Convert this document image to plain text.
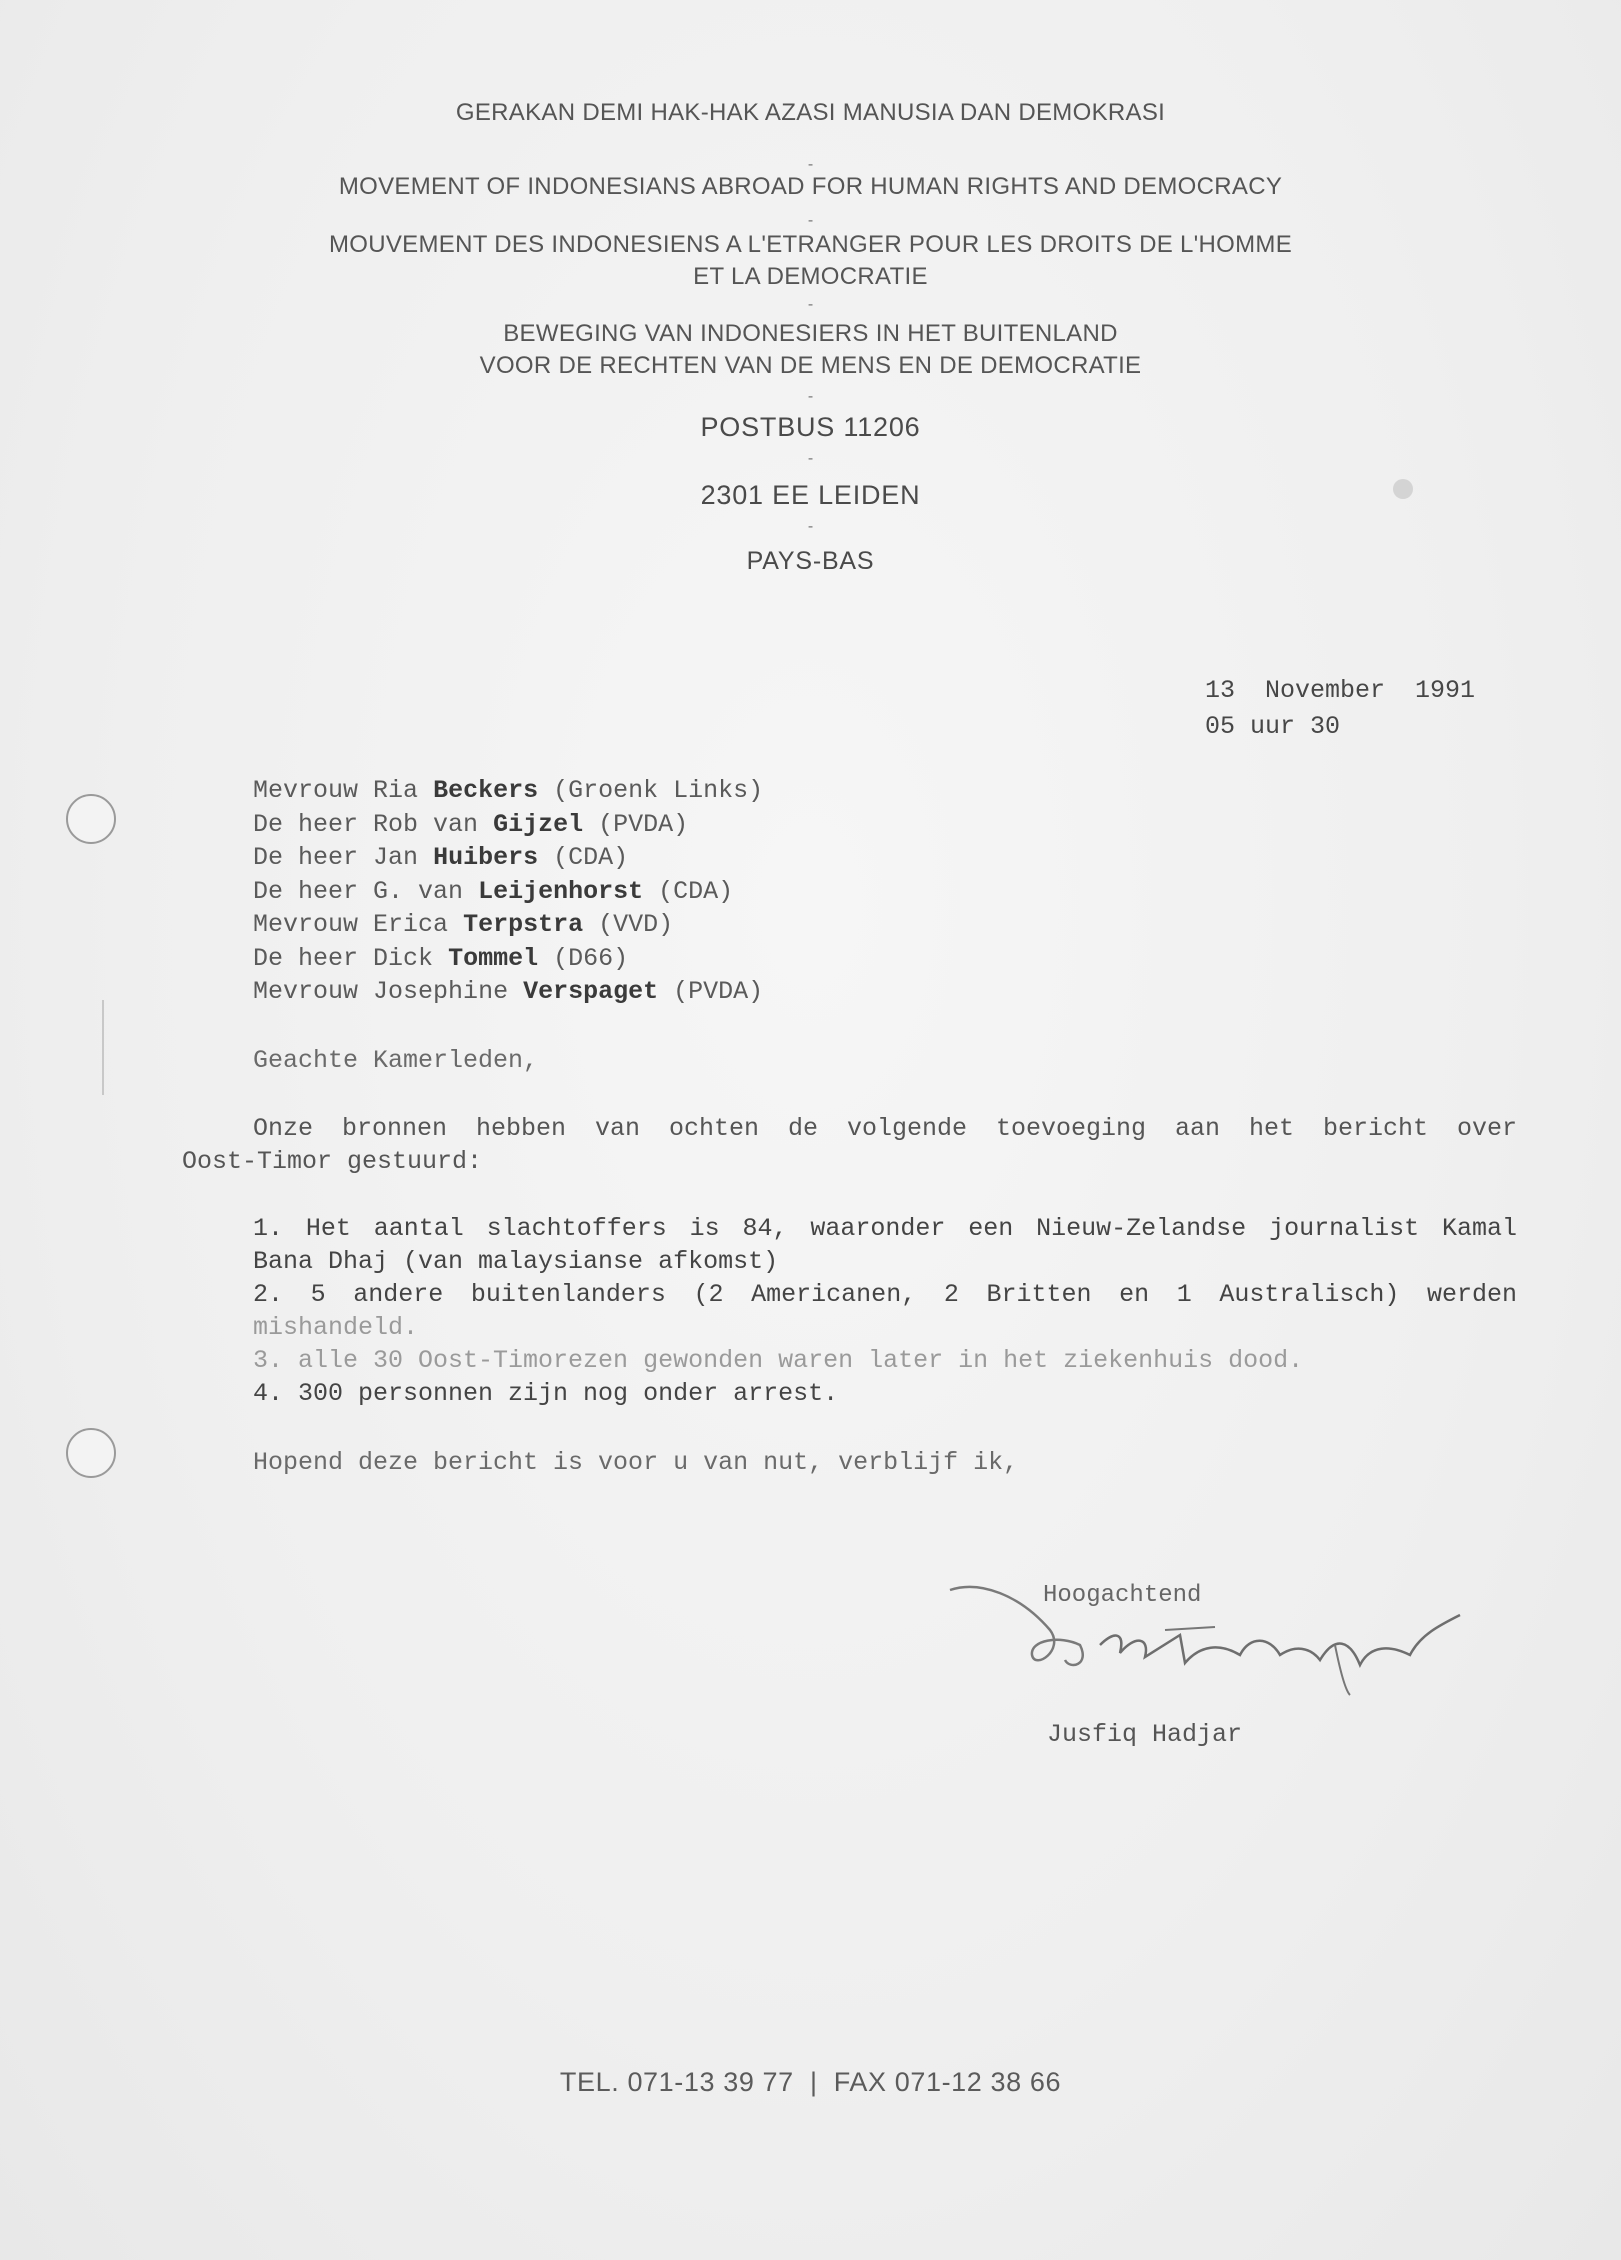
GERAKAN DEMI HAK-HAK AZASI MANUSIA DAN DEMOKRASI

-

MOVEMENT OF INDONESIANS ABROAD FOR HUMAN RIGHTS AND DEMOCRACY

-

MOUVEMENT DES INDONESIENS A L'ETRANGER POUR LES DROITS DE L'HOMME

ET LA DEMOCRATIE

-

BEWEGING VAN INDONESIERS IN HET BUITENLAND

VOOR DE RECHTEN VAN DE MENS EN DE DEMOCRATIE

-

POSTBUS 11206

-

2301 EE LEIDEN

-

PAYS-BAS

13  November  1991
05 uur 30
Mevrouw Ria Beckers (Groenk Links)
De heer Rob van Gijzel (PVDA)
De heer Jan Huibers (CDA)
De heer G. van Leijenhorst (CDA)
Mevrouw Erica Terpstra (VVD)
De heer Dick Tommel (D66)
Mevrouw Josephine Verspaget (PVDA)
Geachte Kamerleden,
Onze bronnen hebben van ochten de volgende toevoeging aan het bericht over
Oost-Timor gestuurd:
1. Het aantal slachtoffers is 84, waaronder een Nieuw-Zelandse journalist Kamal
Bana Dhaj (van malaysianse afkomst)
2. 5 andere buitenlanders (2 Americanen, 2 Britten en 1 Australisch) werden
mishandeld.
3. alle 30 Oost-Timorezen gewonden waren later in het ziekenhuis dood.
4. 300 personnen zijn nog onder arrest.
Hopend deze bericht is voor u van nut, verblijf ik,
Hoogachtend
Jusfiq Hadjar
TEL. 071-13 39 77  |  FAX 071-12 38 66
